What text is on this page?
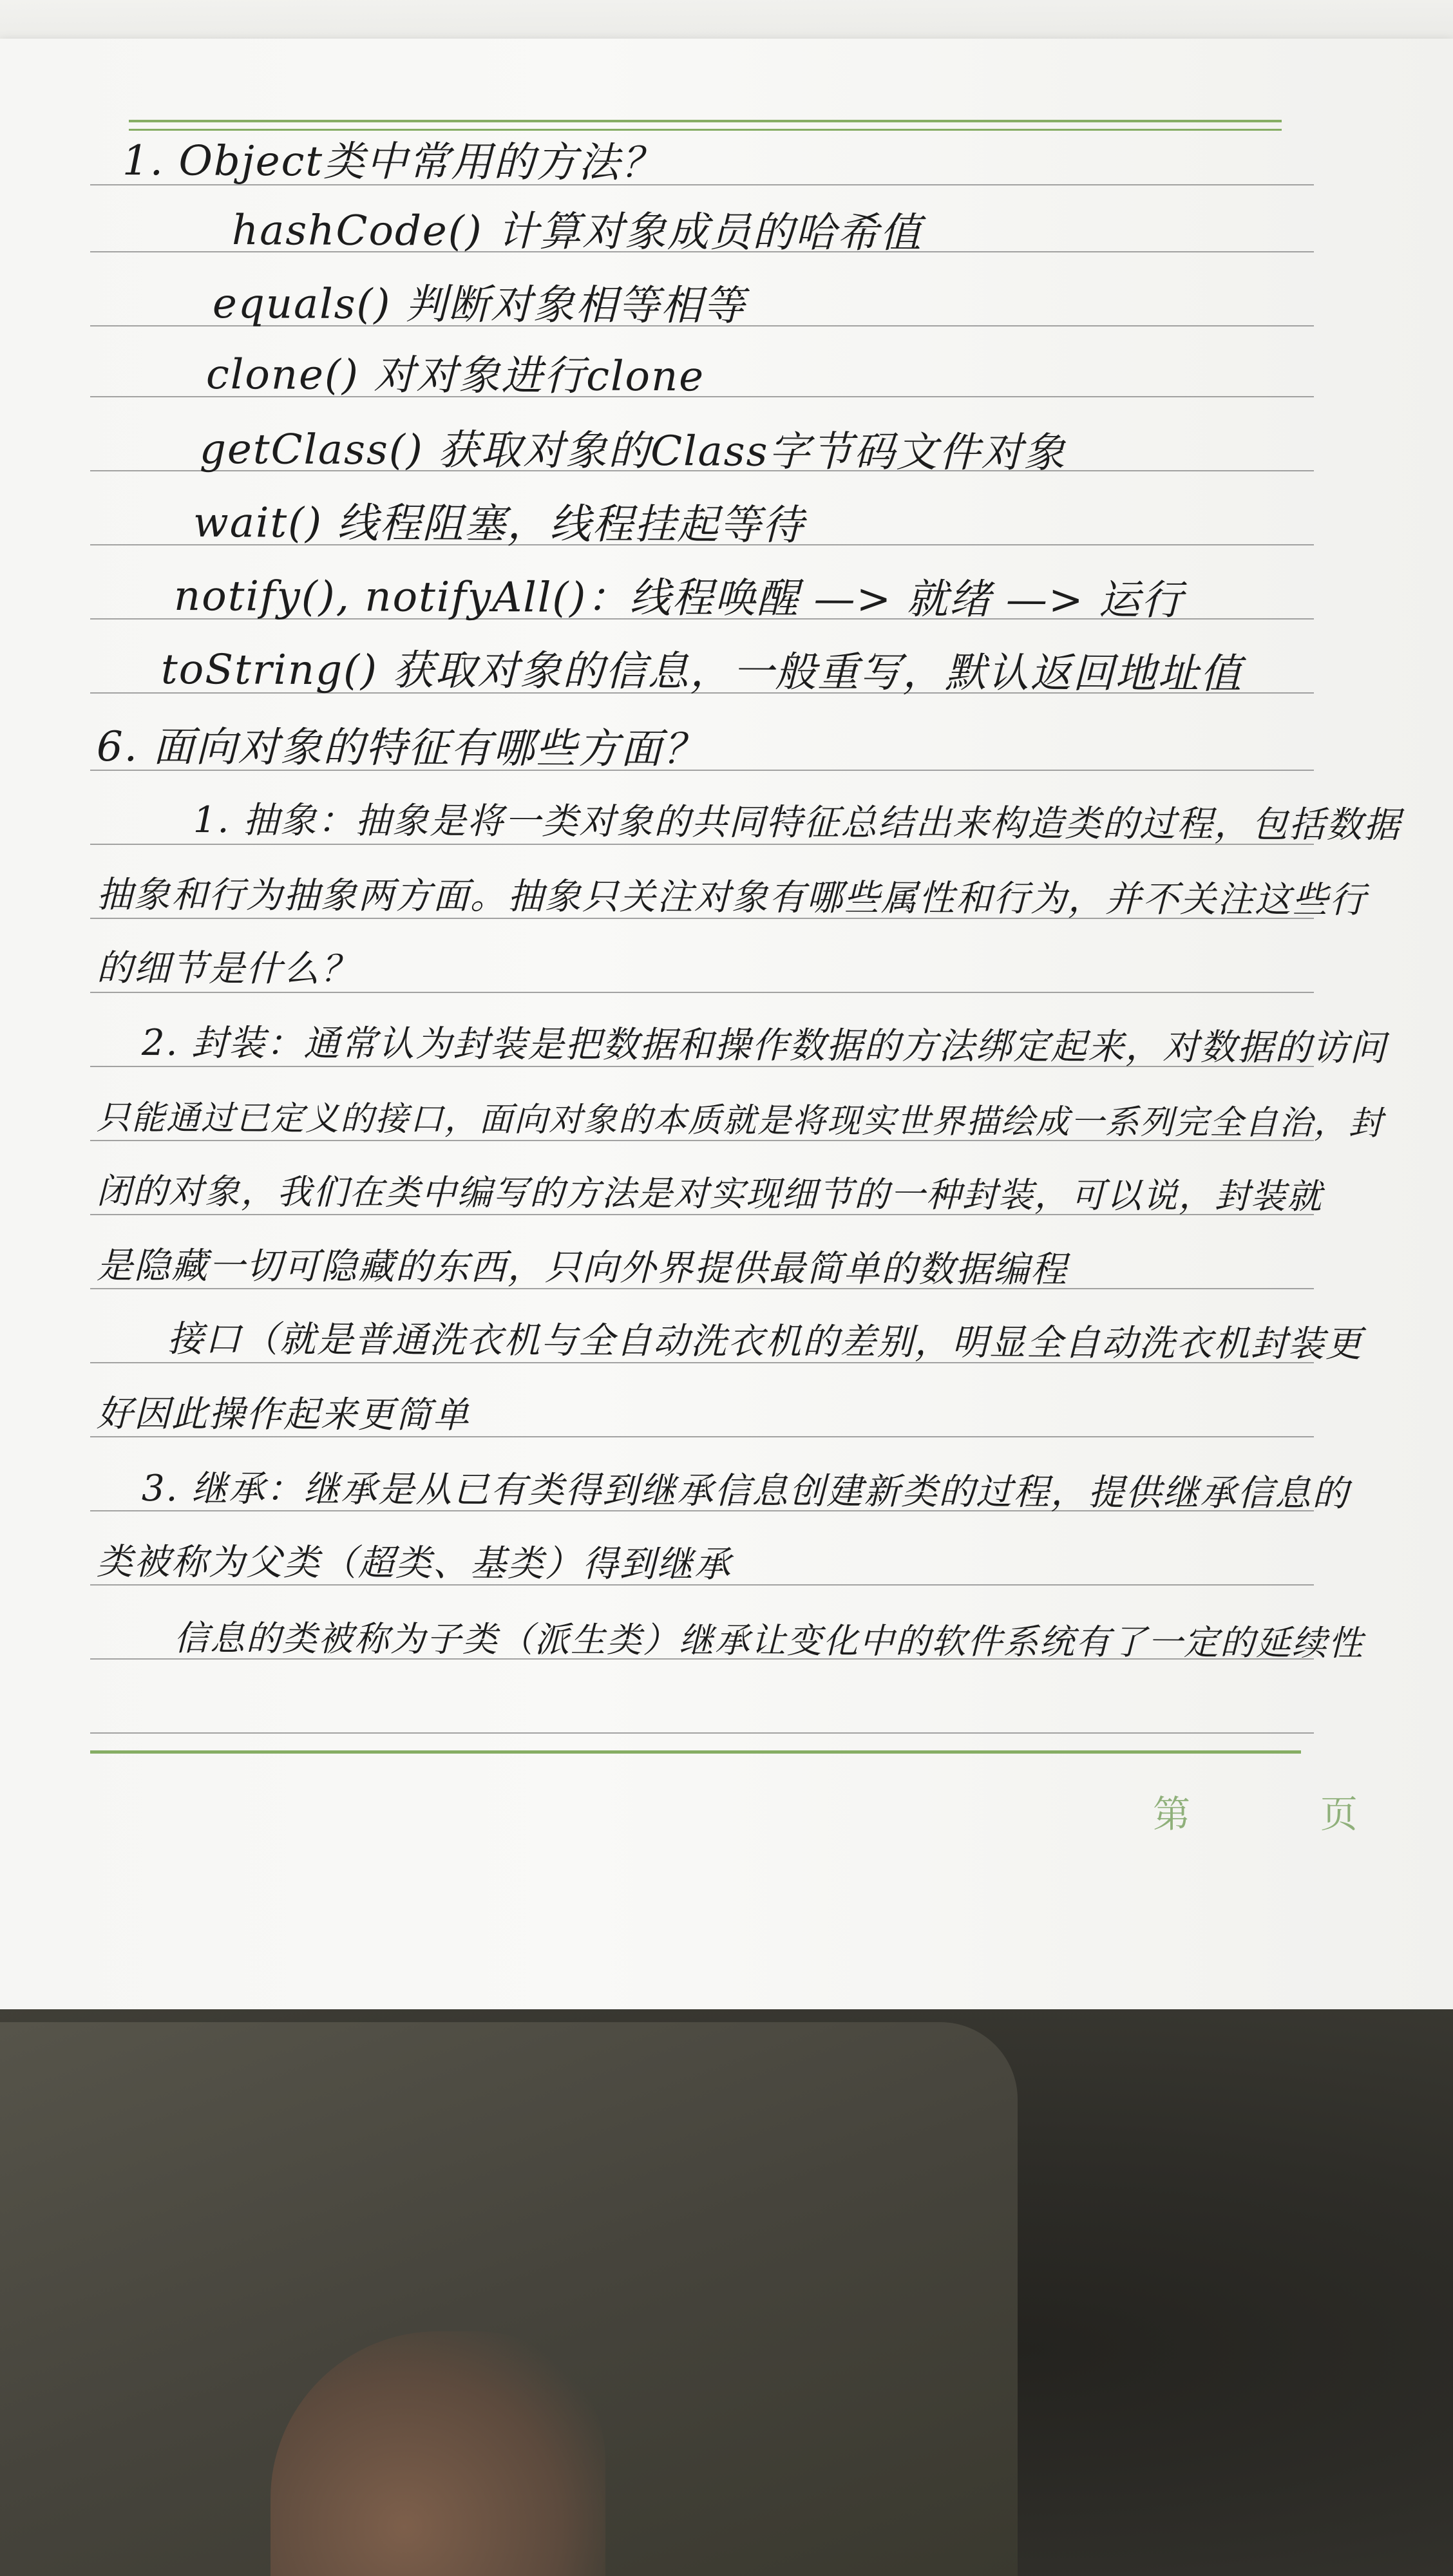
1. Object类中常用的方法？
hashCode() 计算对象成员的哈希值
equals() 判断对象相等相等
clone() 对对象进行clone
getClass() 获取对象的Class字节码文件对象
wait() 线程阻塞，线程挂起等待
notify(), notifyAll()：线程唤醒 —> 就绪 —> 运行
toString() 获取对象的信息，一般重写，默认返回地址值
6. 面向对象的特征有哪些方面？
1. 抽象：抽象是将一类对象的共同特征总结出来构造类的过程，包括数据
抽象和行为抽象两方面。抽象只关注对象有哪些属性和行为，并不关注这些行
的细节是什么？
2. 封装：通常认为封装是把数据和操作数据的方法绑定起来，对数据的访问
只能通过已定义的接口，面向对象的本质就是将现实世界描绘成一系列完全自治，封
闭的对象，我们在类中编写的方法是对实现细节的一种封装，可以说，封装就
是隐藏一切可隐藏的东西，只向外界提供最简单的数据编程
接口（就是普通洗衣机与全自动洗衣机的差别，明显全自动洗衣机封装更
好因此操作起来更简单
3. 继承：继承是从已有类得到继承信息创建新类的过程，提供继承信息的
类被称为父类（超类、基类）得到继承
信息的类被称为子类（派生类）继承让变化中的软件系统有了一定的延续性
第	页
